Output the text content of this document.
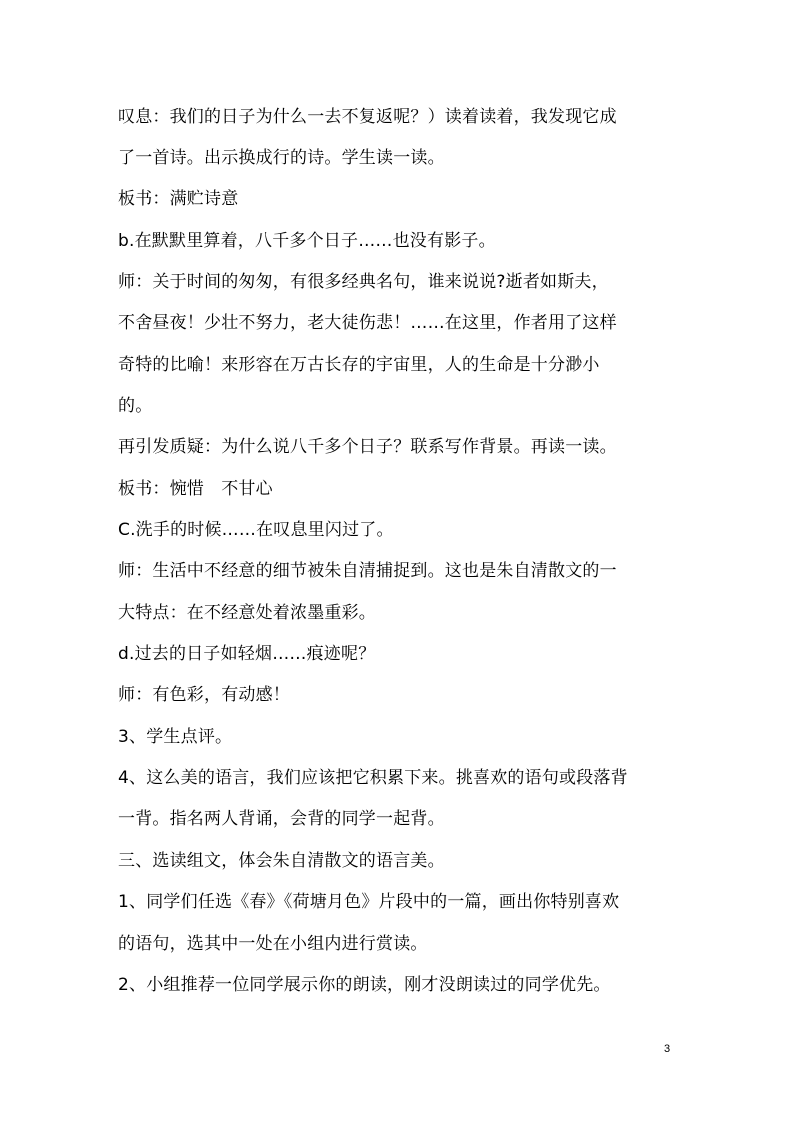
叹息：我们的日子为什么一去不复返呢？）读着读着，我发现它成
了一首诗。出示换成行的诗。学生读一读。
板书：满贮诗意
b.在默默里算着，八千多个日子……也没有影子。
师：关于时间的匆匆，有很多经典名句，谁来说说?逝者如斯夫，
不舍昼夜！少壮不努力，老大徒伤悲！……在这里，作者用了这样
奇特的比喻！来形容在万古长存的宇宙里，人的生命是十分渺小
的。
再引发质疑：为什么说八千多个日子？联系写作背景。再读一读。
板书：惋惜　不甘心
C.洗手的时候……在叹息里闪过了。
师：生活中不经意的细节被朱自清捕捉到。这也是朱自清散文的一
大特点：在不经意处着浓墨重彩。
d.过去的日子如轻烟……痕迹呢？
师：有色彩，有动感！
3、学生点评。
4、这么美的语言，我们应该把它积累下来。挑喜欢的语句或段落背
一背。指名两人背诵，会背的同学一起背。
三、选读组文，体会朱自清散文的语言美。
1、同学们任选《春》《荷塘月色》片段中的一篇，画出你特别喜欢
的语句，选其中一处在小组内进行赏读。
2、小组推荐一位同学展示你的朗读，刚才没朗读过的同学优先。
3
